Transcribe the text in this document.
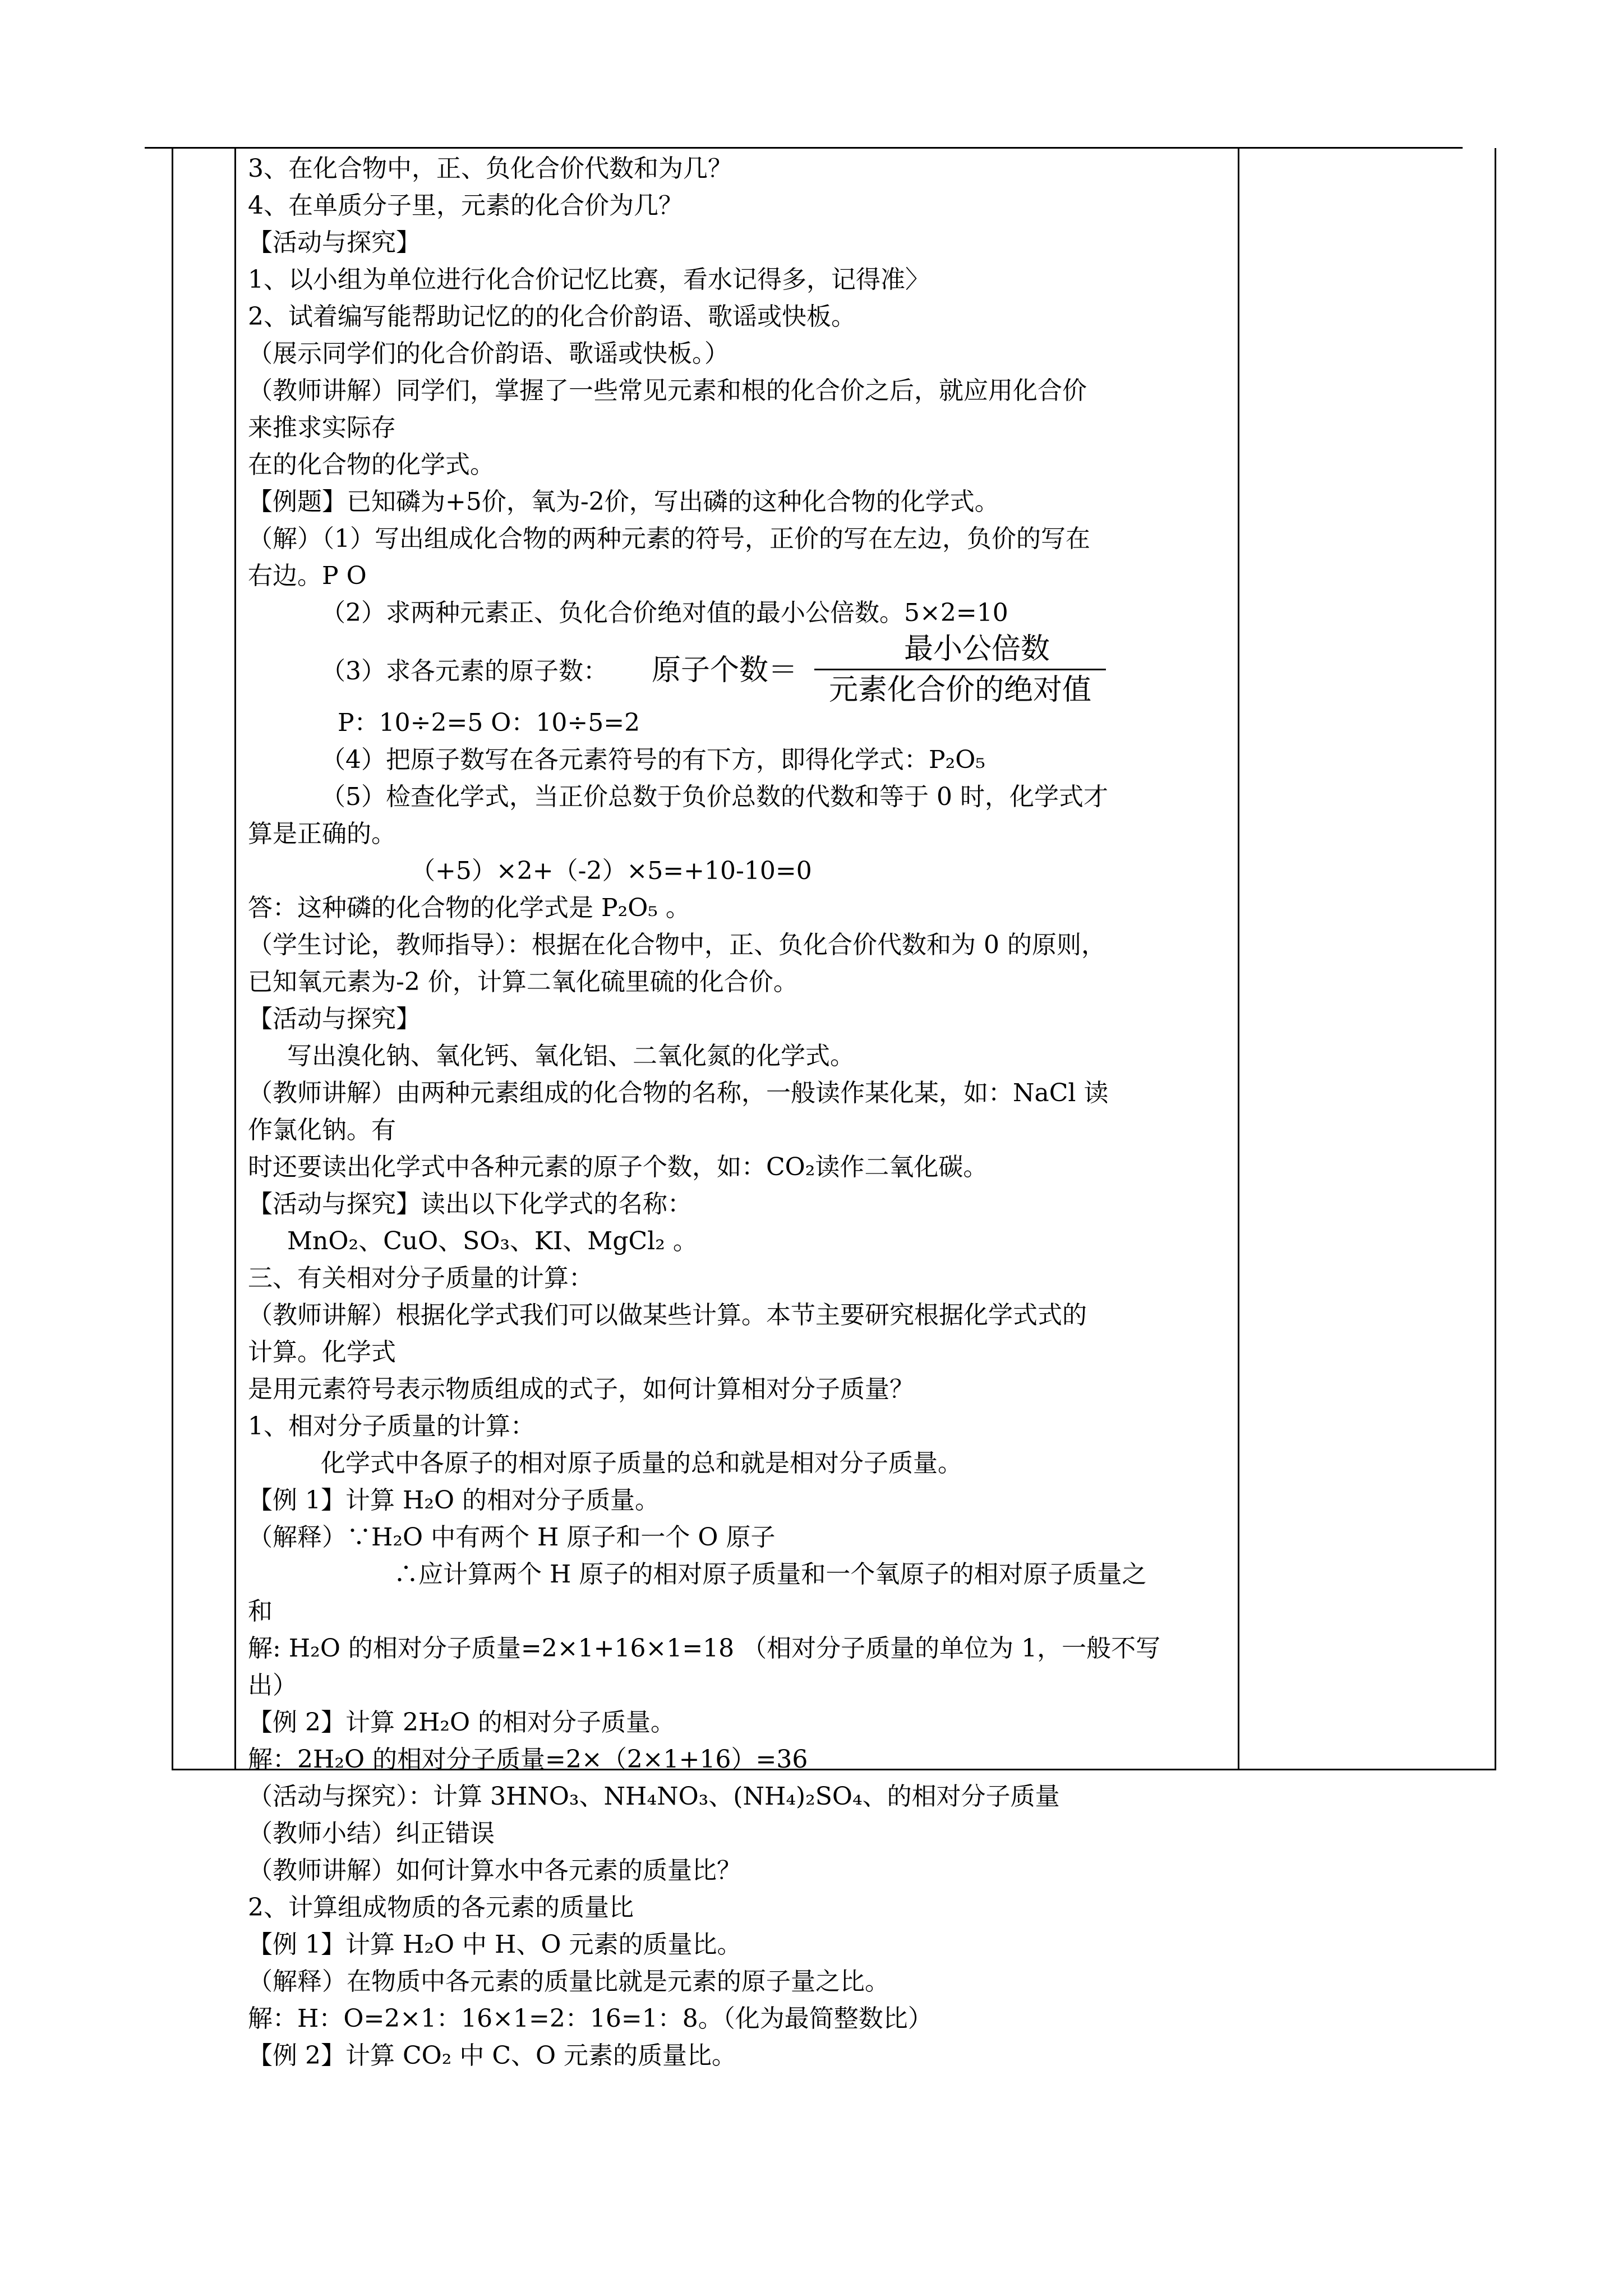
3、在化合物中，正、负化合价代数和为几？
4、在单质分子里，元素的化合价为几？
【活动与探究】
1、以小组为单位进行化合价记忆比赛，看水记得多，记得准〉
2、试着编写能帮助记忆的的化合价韵语、歌谣或快板。
（展示同学们的化合价韵语、歌谣或快板。）
（教师讲解）同学们，掌握了一些常见元素和根的化合价之后，就应用化合价
来推求实际存
在的化合物的化学式。
【例题】已知磷为+5价，氧为-2价，写出磷的这种化合物的化学式。
（解）（1）写出组成化合物的两种元素的符号，正价的写在左边，负价的写在
右边。P O
（2）求两种元素正、负化合价绝对值的最小公倍数。5×2=10
（3）求各元素的原子数： 原子个数＝
最小公倍数
元素化合价的绝对值
P：10÷2=5 O：10÷5=2
（4）把原子数写在各元素符号的有下方，即得化学式：P₂O₅
（5）检查化学式，当正价总数于负价总数的代数和等于 0 时，化学式才
算是正确的。
（+5）×2+（-2）×5=+10-10=0
答：这种磷的化合物的化学式是 P₂O₅ 。
（学生讨论，教师指导）：根据在化合物中，正、负化合价代数和为 0 的原则，
已知氧元素为-2 价，计算二氧化硫里硫的化合价。
【活动与探究】
写出溴化钠、氧化钙、氧化铝、二氧化氮的化学式。
（教师讲解）由两种元素组成的化合物的名称，一般读作某化某，如：NaCl 读
作氯化钠。有
时还要读出化学式中各种元素的原子个数，如：CO₂读作二氧化碳。
【活动与探究】读出以下化学式的名称：
MnO₂、CuO、SO₃、KI、MgCl₂ 。
三、有关相对分子质量的计算：
（教师讲解）根据化学式我们可以做某些计算。本节主要研究根据化学式式的
计算。化学式
是用元素符号表示物质组成的式子，如何计算相对分子质量？
1、相对分子质量的计算：
化学式中各原子的相对原子质量的总和就是相对分子质量。
【例 1】计算 H₂O 的相对分子质量。
（解释）∵H₂O 中有两个 H 原子和一个 O 原子
∴应计算两个 H 原子的相对原子质量和一个氧原子的相对原子质量之
和
解: H₂O 的相对分子质量=2×1+16×1=18 （相对分子质量的单位为 1，一般不写
出）
【例 2】计算 2H₂O 的相对分子质量。
解：2H₂O 的相对分子质量=2×（2×1+16）=36
（活动与探究）：计算 3HNO₃、NH₄NO₃、(NH₄)₂SO₄、的相对分子质量
（教师小结）纠正错误
（教师讲解）如何计算水中各元素的质量比？
2、计算组成物质的各元素的质量比
【例 1】计算 H₂O 中 H、O 元素的质量比。
（解释）在物质中各元素的质量比就是元素的原子量之比。
解：H：O=2×1：16×1=2：16=1：8。（化为最简整数比）
【例 2】计算 CO₂ 中 C、O 元素的质量比。
